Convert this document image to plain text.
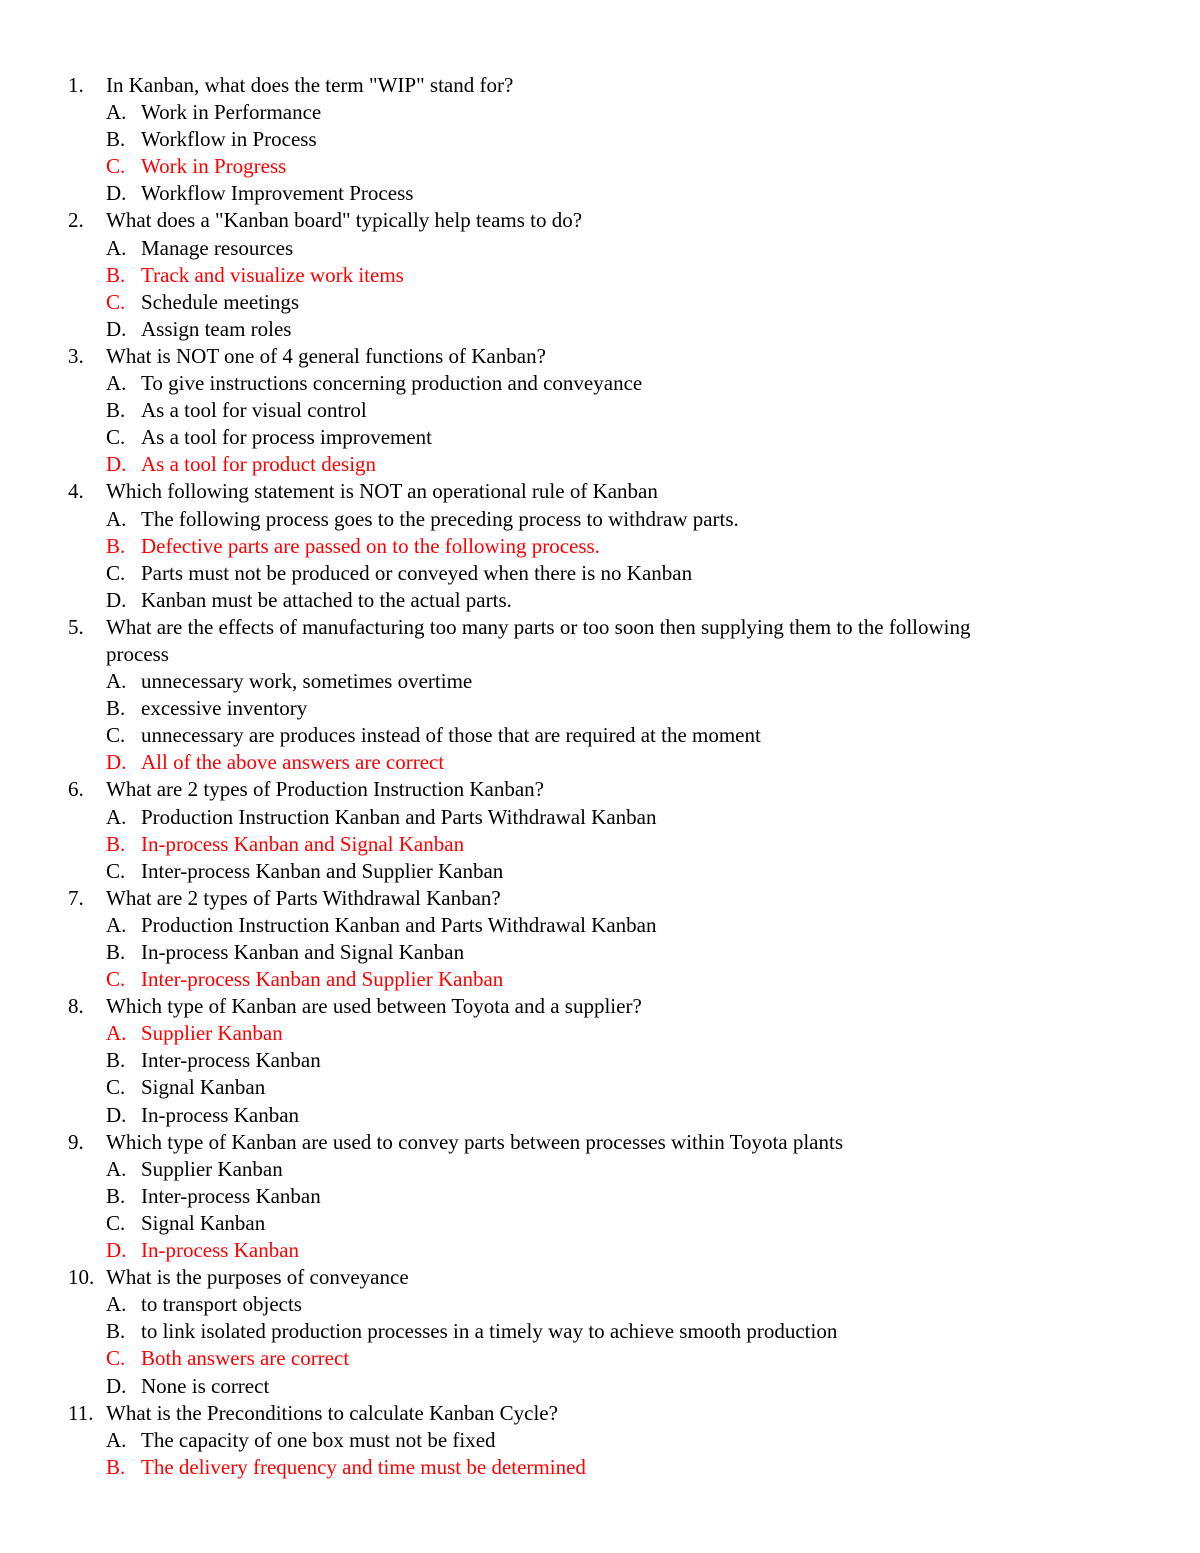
1.	In Kanban, what does the term "WIP" stand for?
A. Work in Performance
B. Workflow in Process
C. Work in Progress
D. Workflow Improvement Process
2.	What does a "Kanban board" typically help teams to do?
A. Manage resources
B. Track and visualize work items
C. Schedule meetings
D. Assign team roles
3.	What is NOT one of 4 general functions of Kanban?
A. To give instructions concerning production and conveyance
B. As a tool for visual control
C. As a tool for process improvement
D. As a tool for product design
4.	Which following statement is NOT an operational rule of Kanban
A. The following process goes to the preceding process to withdraw parts.
B. Defective parts are passed on to the following process.
C. Parts must not be produced or conveyed when there is no Kanban
D. Kanban must be attached to the actual parts.
5.	What are the effects of manufacturing too many parts or too soon then supplying them to the following
process
A. unnecessary work, sometimes overtime
B. excessive inventory
C. unnecessary are produces instead of those that are required at the moment
D. All of the above answers are correct
6.	What are 2 types of Production Instruction Kanban?
A. Production Instruction Kanban and Parts Withdrawal Kanban
B. In-process Kanban and Signal Kanban
C. Inter-process Kanban and Supplier Kanban
7.	What are 2 types of Parts Withdrawal Kanban?
A. Production Instruction Kanban and Parts Withdrawal Kanban
B. In-process Kanban and Signal Kanban
C. Inter-process Kanban and Supplier Kanban
8.	Which type of Kanban are used between Toyota and a supplier?
A. Supplier Kanban
B. Inter-process Kanban
C. Signal Kanban
D. In-process Kanban
9.	Which type of Kanban are used to convey parts between processes within Toyota plants
A. Supplier Kanban
B. Inter-process Kanban
C. Signal Kanban
D. In-process Kanban
10. What is the purposes of conveyance
A. to transport objects
B. to link isolated production processes in a timely way to achieve smooth production
C. Both answers are correct
D. None is correct
11. What is the Preconditions to calculate Kanban Cycle?
A. The capacity of one box must not be fixed
B. The delivery frequency and time must be determined
